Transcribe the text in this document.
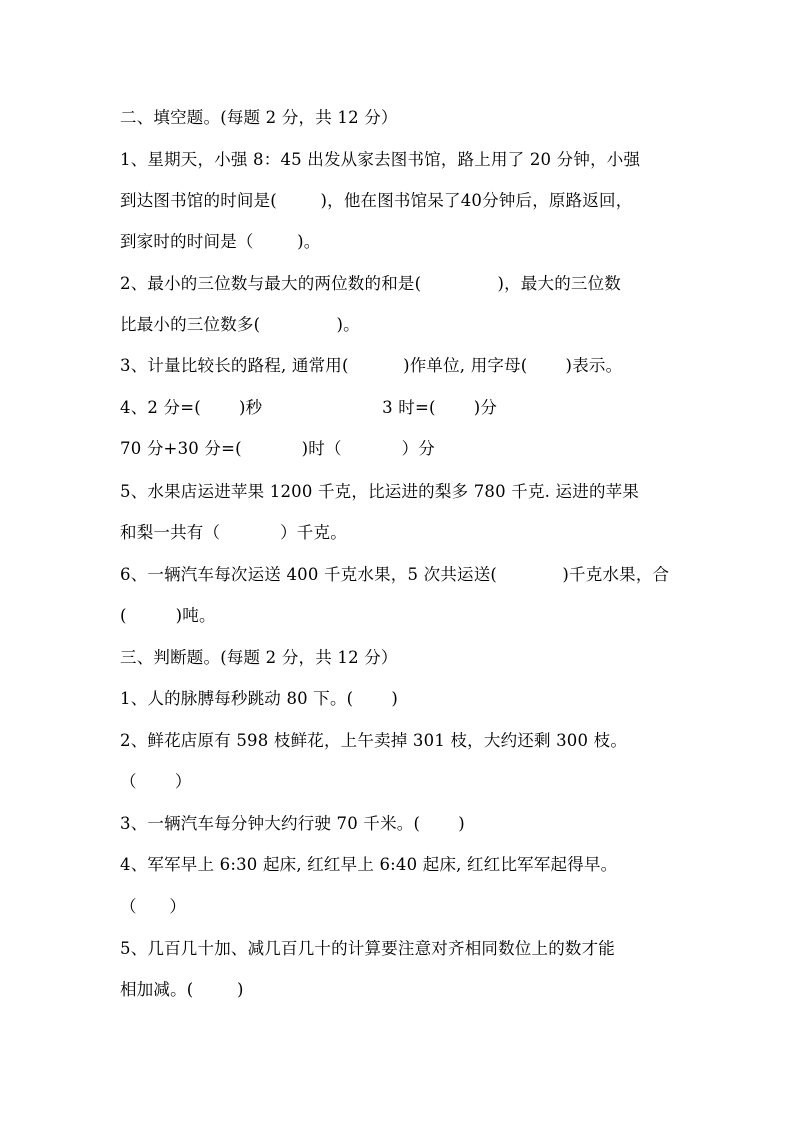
二、填空题。(每题 2 分，共 12 分）
1、星期天，小强 8：45 出发从家去图书馆，路上用了 20 分钟，小强
到达图书馆的时间是(        )，他在图书馆呆了40分钟后，原路返回，
到家时的时间是（        )。
2、最小的三位数与最大的两位数的和是(              )，最大的三位数
比最小的三位数多(              )。
3、计量比较长的路程, 通常用(          )作单位, 用字母(       )表示。
4、2 分=(       )秒                      3 时=(       )分
70 分+30 分=(           )时（           ）分
5、水果店运进苹果 1200 千克，比运进的梨多 780 千克. 运进的苹果
和梨一共有（           ）千克。
6、一辆汽车每次运送 400 千克水果，5 次共运送(            )千克水果，合
(         )吨。
三、判断题。(每题 2 分，共 12 分）
1、人的脉膊每秒跳动 80 下。(       )
2、鲜花店原有 598 枝鲜花，上午卖掉 301 枝，大约还剩 300 枝。
（       ）
3、一辆汽车每分钟大约行驶 70 千米。(       )
4、军军早上 6:30 起床, 红红早上 6:40 起床, 红红比军军起得早。
（      ）
5、几百几十加、减几百几十的计算要注意对齐相同数位上的数才能
相加减。(        )
